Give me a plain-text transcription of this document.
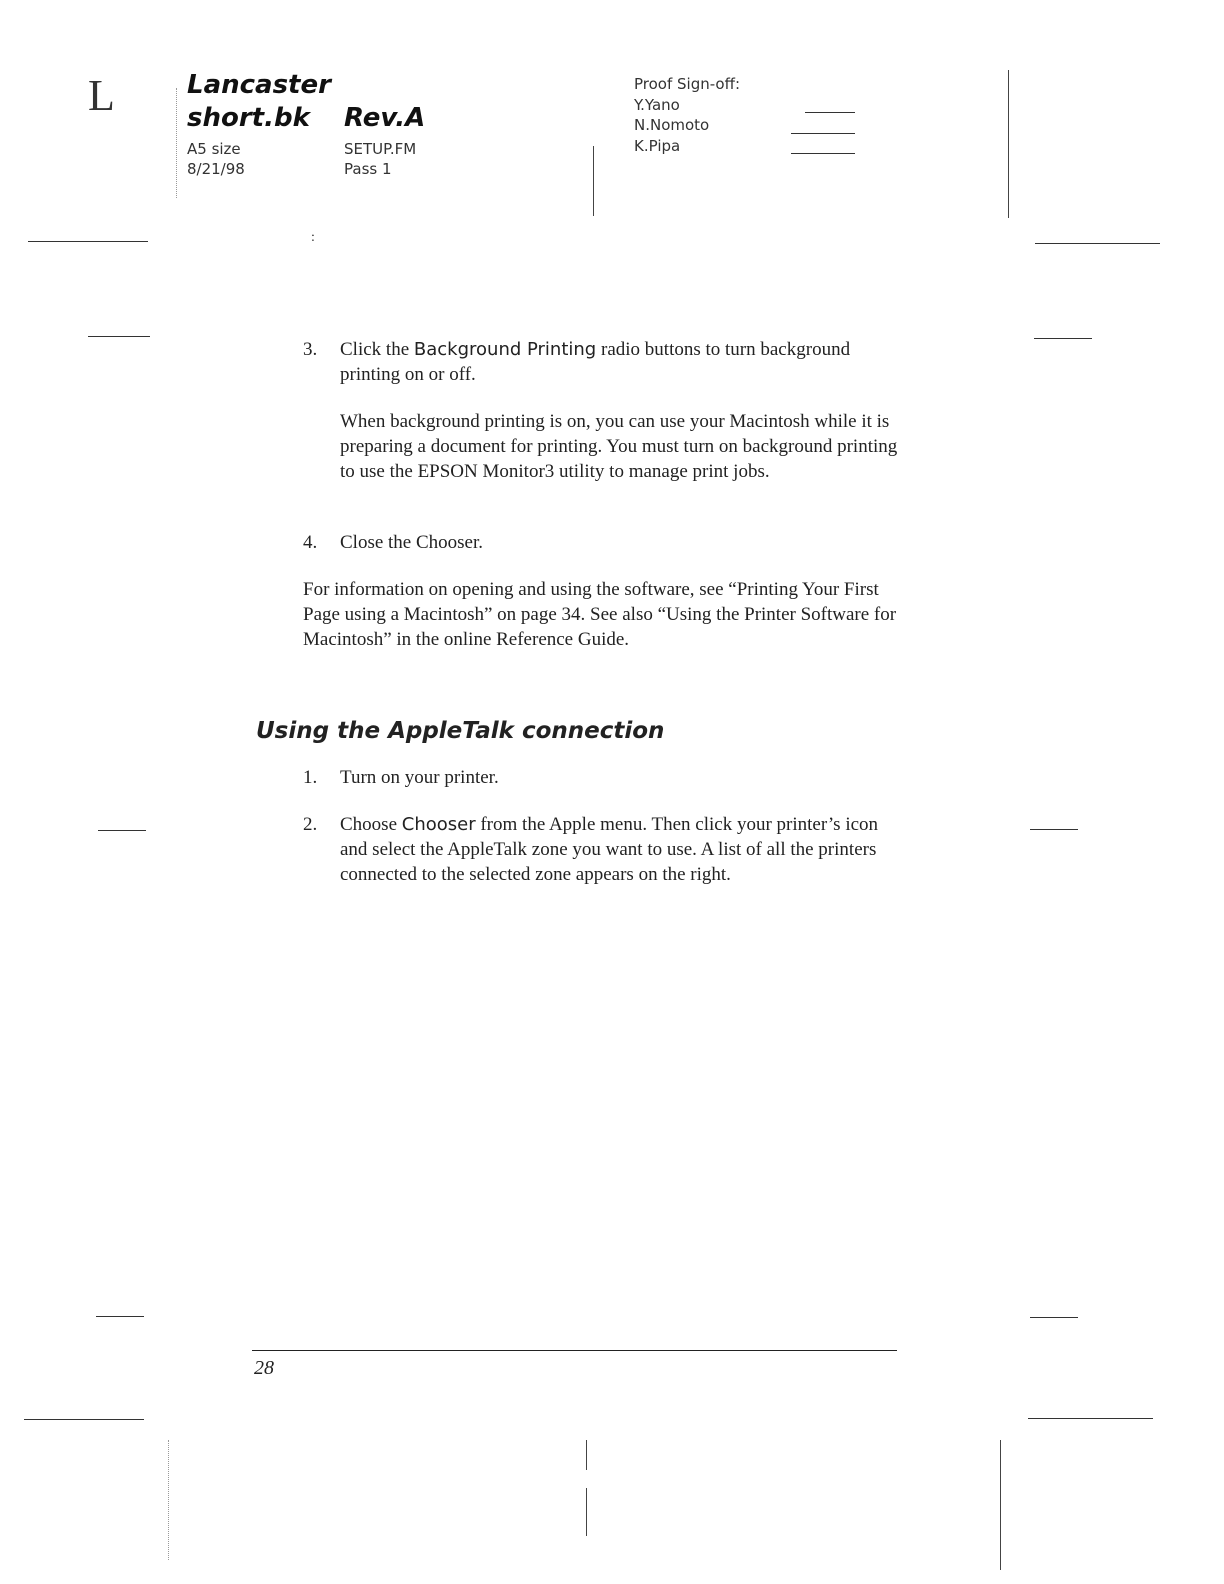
L	Lancaster
short.bk Rev.A
A5 size
8/21/98
SETUP.FM
Pass 1
Proof Sign-off:
Y.Yano
N.Nomoto
K.Pipa
:
3.	Click the Background Printing radio buttons to turn background printing on or off.
When background printing is on, you can use your Macintosh while it is preparing a document for printing. You must turn on background printing to use the EPSON Monitor3 utility to manage print jobs.
4.	Close the Chooser.
For information on opening and using the software, see “Printing Your First Page using a Macintosh” on page 34. See also “Using the Printer Software for Macintosh” in the online Reference Guide.
Using the AppleTalk connection
1.	Turn on your printer.
2.	Choose Chooser from the Apple menu. Then click your printer’s icon and select the AppleTalk zone you want to use. A list of all the printers connected to the selected zone appears on the right.
28
